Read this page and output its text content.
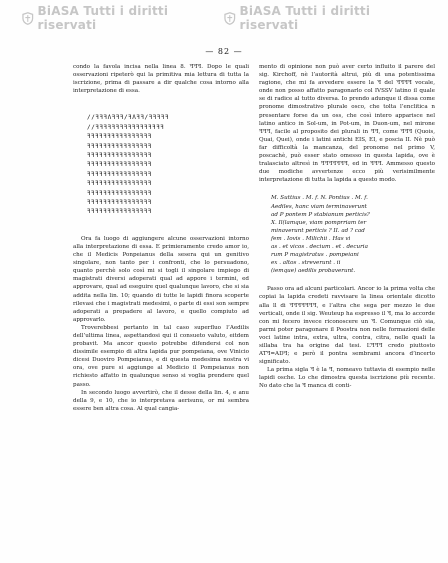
BiASA Tutti i diritti riservati
BiASA Tutti i diritti riservati
— 82 —

condo la favola incisa nella linea 8. ꟻꟻꟻ. Dopo le quali osservazioni ripeterò qui la primitiva mia lettura di tutta la iscrizione, prima di passare a dir qualche cosa intorno alla interpretazione di essa.

∕∕ꟻꟻꟻɅꟻꟻꟻ∕ꟻɅꟻꟻ∕ꟻꟻꟻꟻꟻ
∕∕ꟻꟻꟻꟻꟻꟻꟻꟻꟻꟻꟻꟻꟻꟻꟻꟻꟻ
ꟻꟻꟻꟻꟻꟻꟻꟻꟻꟻꟻꟻꟻꟻꟻꟻ
ꟻꟻꟻꟻꟻꟻꟻꟻꟻꟻꟻꟻꟻꟻꟻꟻ
ꟻꟻꟻꟻꟻꟻꟻꟻꟻꟻꟻꟻꟻꟻꟻꟻ
ꟻꟻꟻꟻꟻꟻꟻꟻꟻꟻꟻꟻꟻꟻꟻꟻ
ꟻꟻꟻꟻꟻꟻꟻꟻꟻꟻꟻꟻꟻꟻꟻꟻ
ꟻꟻꟻꟻꟻꟻꟻꟻꟻꟻꟻꟻꟻꟻꟻꟻ
ꟻꟻꟻꟻꟻꟻꟻꟻꟻꟻꟻꟻꟻꟻꟻꟻ
ꟻꟻꟻꟻꟻꟻꟻꟻꟻꟻꟻꟻꟻꟻꟻꟻ
ꟻꟻꟻꟻꟻꟻꟻꟻꟻꟻꟻꟻꟻꟻꟻꟻ

Ora fa luogo di aggiungere alcune osservazioni intorno alla interpretazione di essa. E primieramente credo amor io, che il Medicis Ponpeianus della sesera qui un genitivo singolare, non tanto per i confronti, che lo persuadono, quanto perchè solo così mi si togli il singolare impiego di magistrati diversi adoperati qual ad appore i termini, ed approvare, qual ad eseguire quel qualunque lavoro, che si sia addita nella lin. 10; quando di tutte le lapidi finora scoperte rilevasi che i magistrati medesimi, o parte di essi son sempre adoperati a prepadere al lavoro, e quello compiuto ad approvarlo.

Troverebbesi pertanto in tal caso superfluo l’Aedilis dell’ultima linea, aspettandosi qui il consueto valuto, eitdem probavit. Ma ancor questo potrebbe difendersi col non dissimile esempio di altra lapida pur pompeiana, ove Vinicio dicesi Duoviro Pompeianus, e di questa medesima nostra vi ora, ove pure si aggiunge al Medicio il Pompeianus non richiesto affatto in qualunque senso si voglia prendere quel passo.

In secondo luogo avvertirò, che il desse della lin. 4, e anu della 9, e 10, che io interpretava aerisunu, or mi sembra essere ben altra cosa. Al qual cangia-

mento di opinione non può aver certo influito il parere del sig. Kirchoff, nè l’autorità altrui, più di una potentissima ragione, che mi fa avvedere essere la ꟻ del ꟻꟻꟻꟻ vocale, onde non posso affatto paragonarlo col IVSSV latino il quale se di radice al tutto diversa. Io prendo adunque il dissa come pronome dimostrativo plurale osco, che tolta l’enclitica n presentare forse da un oss, che così intero apparisce nel latino antico in Sol-um, in Pot-um, in Duon-um, nel mirone ꟻꟻꟻ, facile al proposito dei plurali in ꟻꟻ, come ꟻꟻꟻ (Quois, Quai, Quei), onde i latini antichi EIS, EI, e poscia II. Nè può far difficoltà la mancanza, del pronome nel primo V, poscachè, può esser stato omesso in questa lapida, ove è tralasciato altresì in ꟻꟻꟻꟻꟻꟻꟻ, ed in ꟻꟻꟻ. Ammesso questo due modiche avvertenze ecco più verisimilmente interpretazione di tutta la lapida a questo modo.

M. Suttius . M. f. N. Pontius . M. f.
Aediles, hanc viam terminaverunt
ad P pontem P stabianum perticis?
X. Il(lamque, viam pomprriam ter
minaverunt perticis ? II. ad ? cad
fem . Iovis . Milichii . Has vi
as . et vicos . decium . et . decuria
rum P magistratus . pompeiani
ex . altos . streverunt . ii
(iemque) aedilis probaverunt.

Passo ora ad alcuni particolari. Ancor io la prima volta che copiai la lapida credeti ravvisare la linea orientale dicotto alla ll di ꟻꟻꟻꟻꟻꟻꟻ, e l’altra che sega per mezzo le due verticali, onde il sig. Weuteup ha espresso il ꟻ, ma lo accorde con mi fecero invece riconoscere un ꟻ. Comunque ciò sia, parmi poter paragonare il Poostra non nelle formazioni delle voci latine intra, extra, ultra, contra, citra, nelle quali la sillaba tra ha origine dal tesi. L’ꟻꟻꟻ credo piuttosto ATꟻ=ADꟻ; e però il pontra sembrami ancora d’incerto significato.

La prima sigla ꟻ è la ꟻ, nomeavo tuttavia di esempio nelle lapidi osche. Lo che dimostra questa iscrizione più recente. No dato che la ꟻ manca di conti-
